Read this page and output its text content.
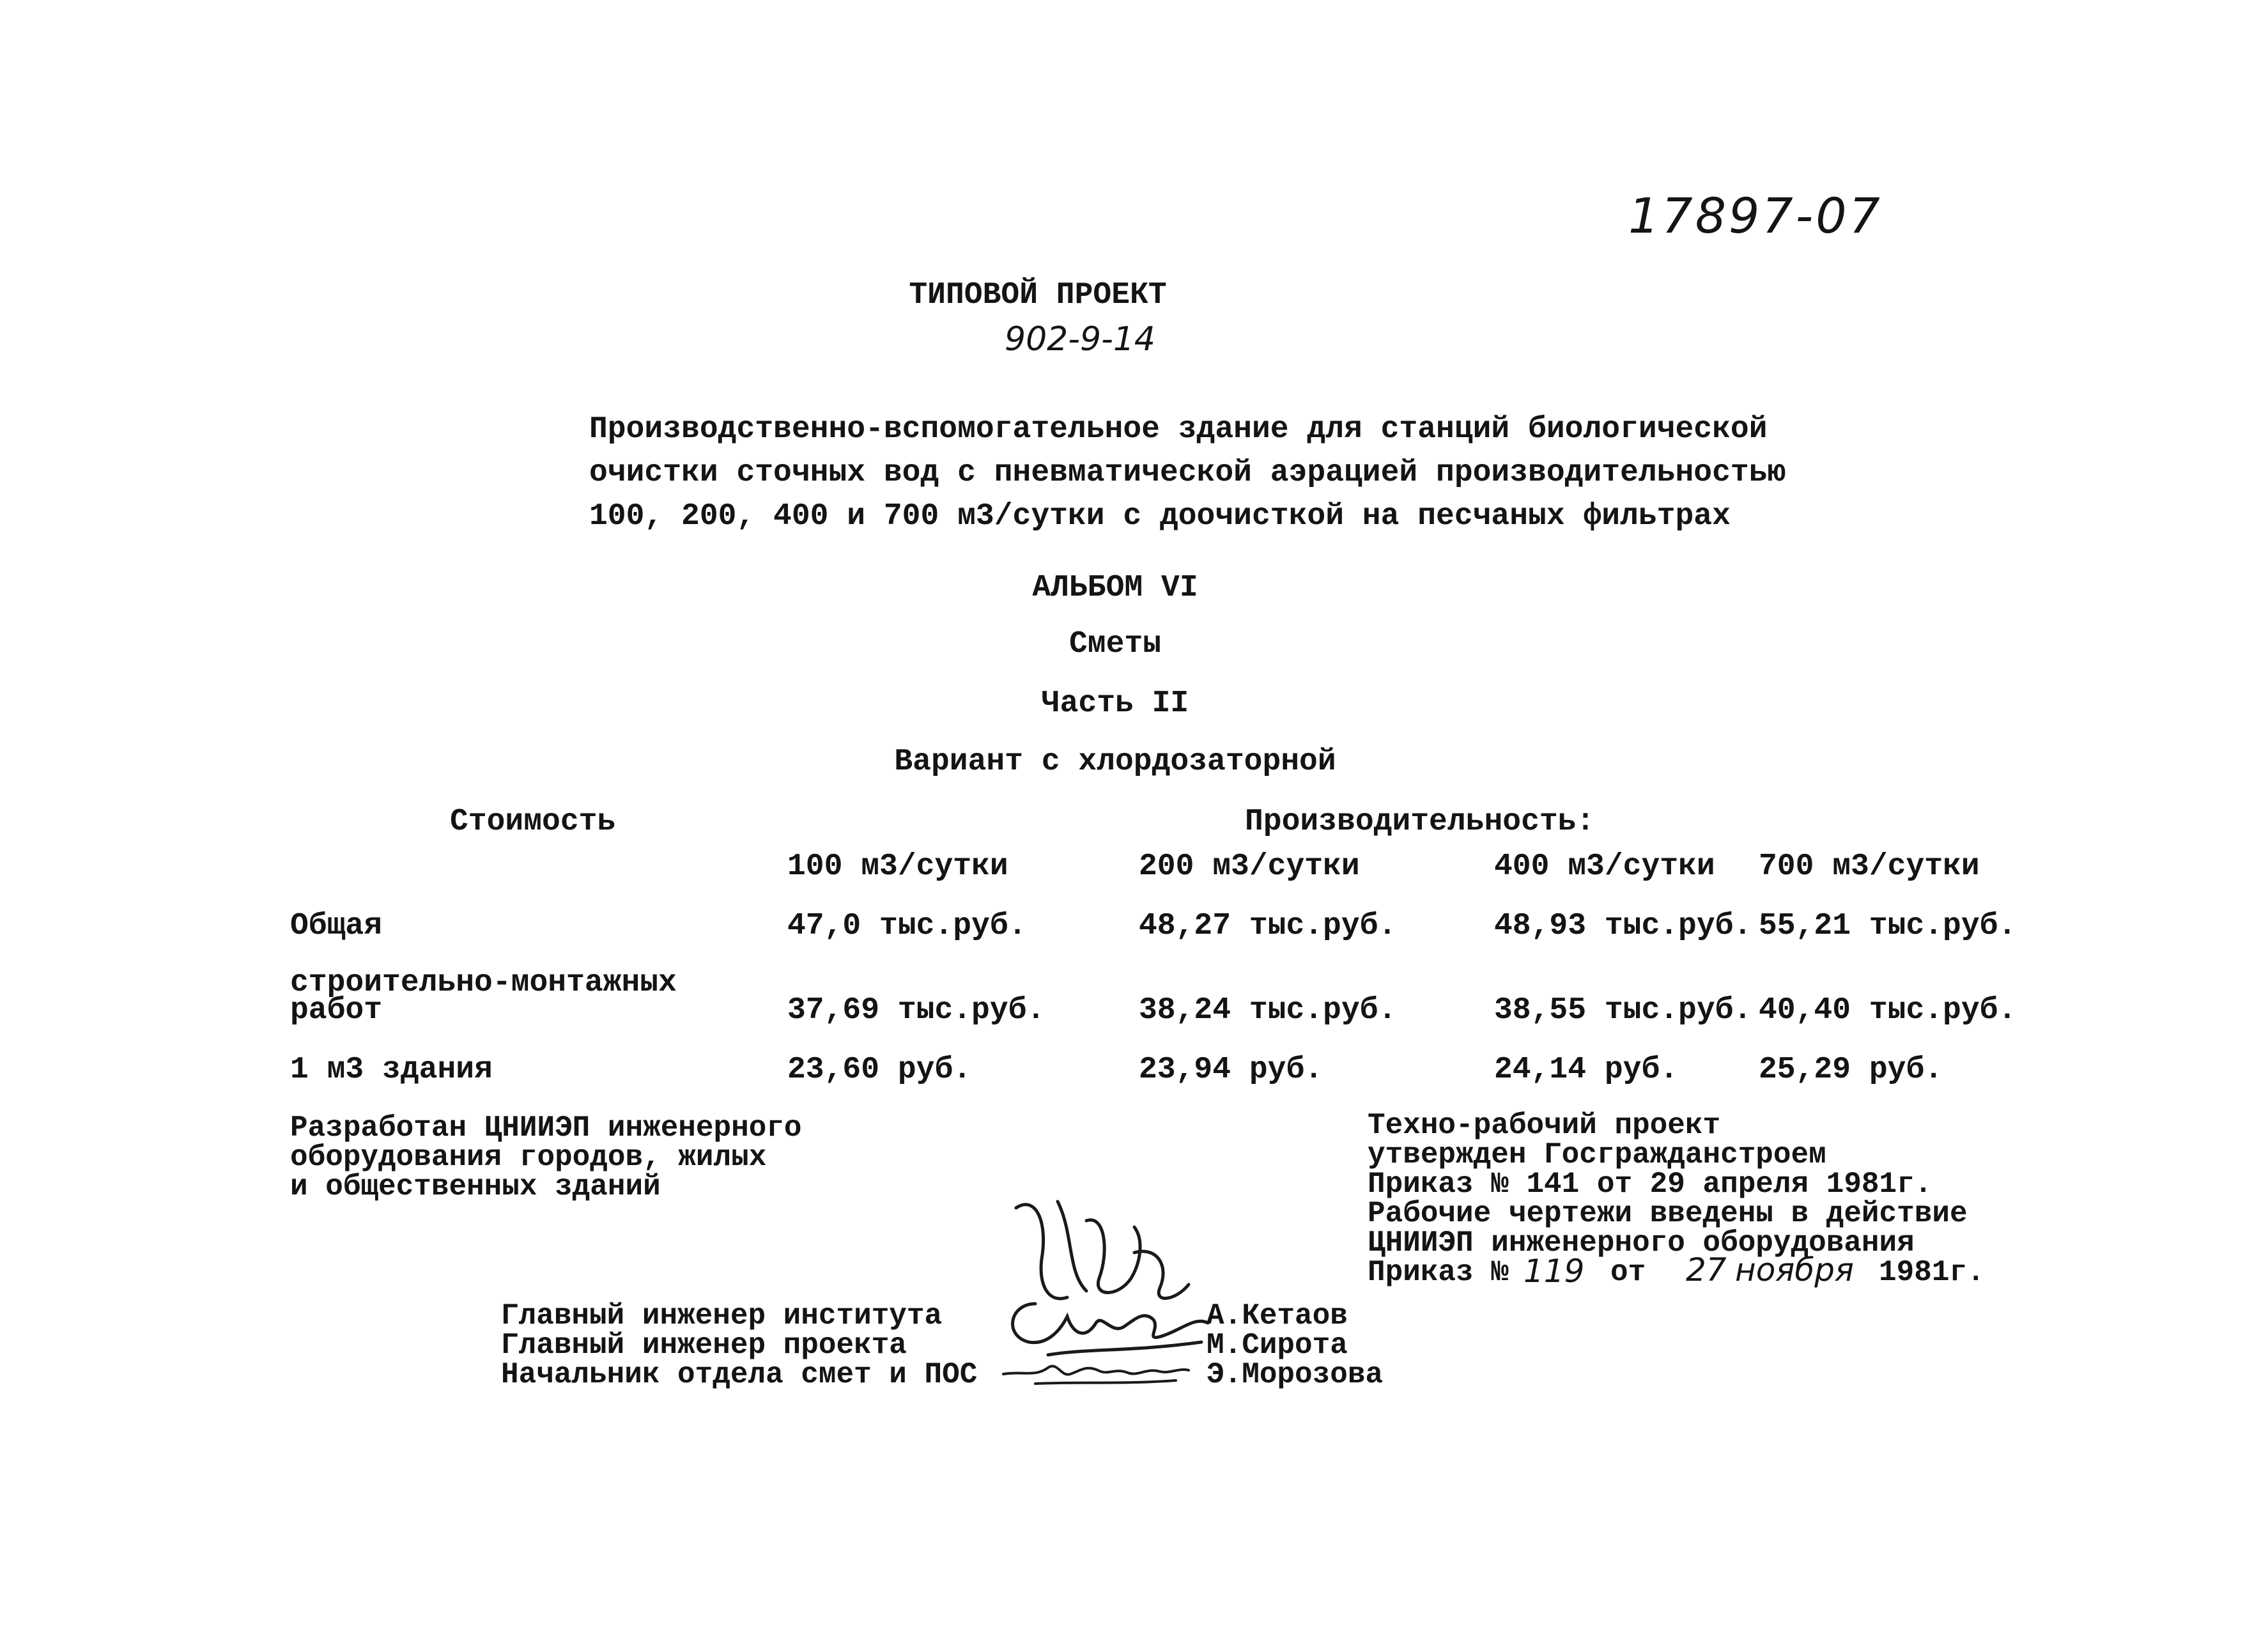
17897-07
ТИПОВОЙ ПРОЕКТ
902-9-14
Производственно-вспомогательное здание для станций биологической
очистки сточных вод с пневматической аэрацией производительностью
100, 200, 400 и 700 м3/сутки с доочисткой на песчаных фильтрах
АЛЬБОМ VI
Сметы
Часть II
Вариант с хлордозаторной
Стоимость	Производительность:
100 м3/сутки	200 м3/сутки	400 м3/сутки 700 м3/сутки
Общая	47,0 тыс.руб.	48,27 тыс.руб.	48,93 тыс.руб. 55,21 тыс.руб.
строительно-монтажных
работ	37,69 тыс.руб.	38,24 тыс.руб.	38,55 тыс.руб. 40,40 тыс.руб.
1 м3 здания	23,60 руб.	23,94 руб.	24,14 руб.	25,29 руб.
Разработан ЦНИИЭП инженерного
оборудования городов, жилых
и общественных зданий
Техно-рабочий проект
утвержден Госгражданстроем
Приказ № 141 от 29 апреля 1981г.
Рабочие чертежи введены в действие
ЦНИИЭП инженерного оборудования
Приказ № 119 от 27 ноября 1981г.
Главный инженер института
Главный инженер проекта
Начальник отдела смет и ПОС
А.Кетаов
М.Сирота
Э.Морозова
